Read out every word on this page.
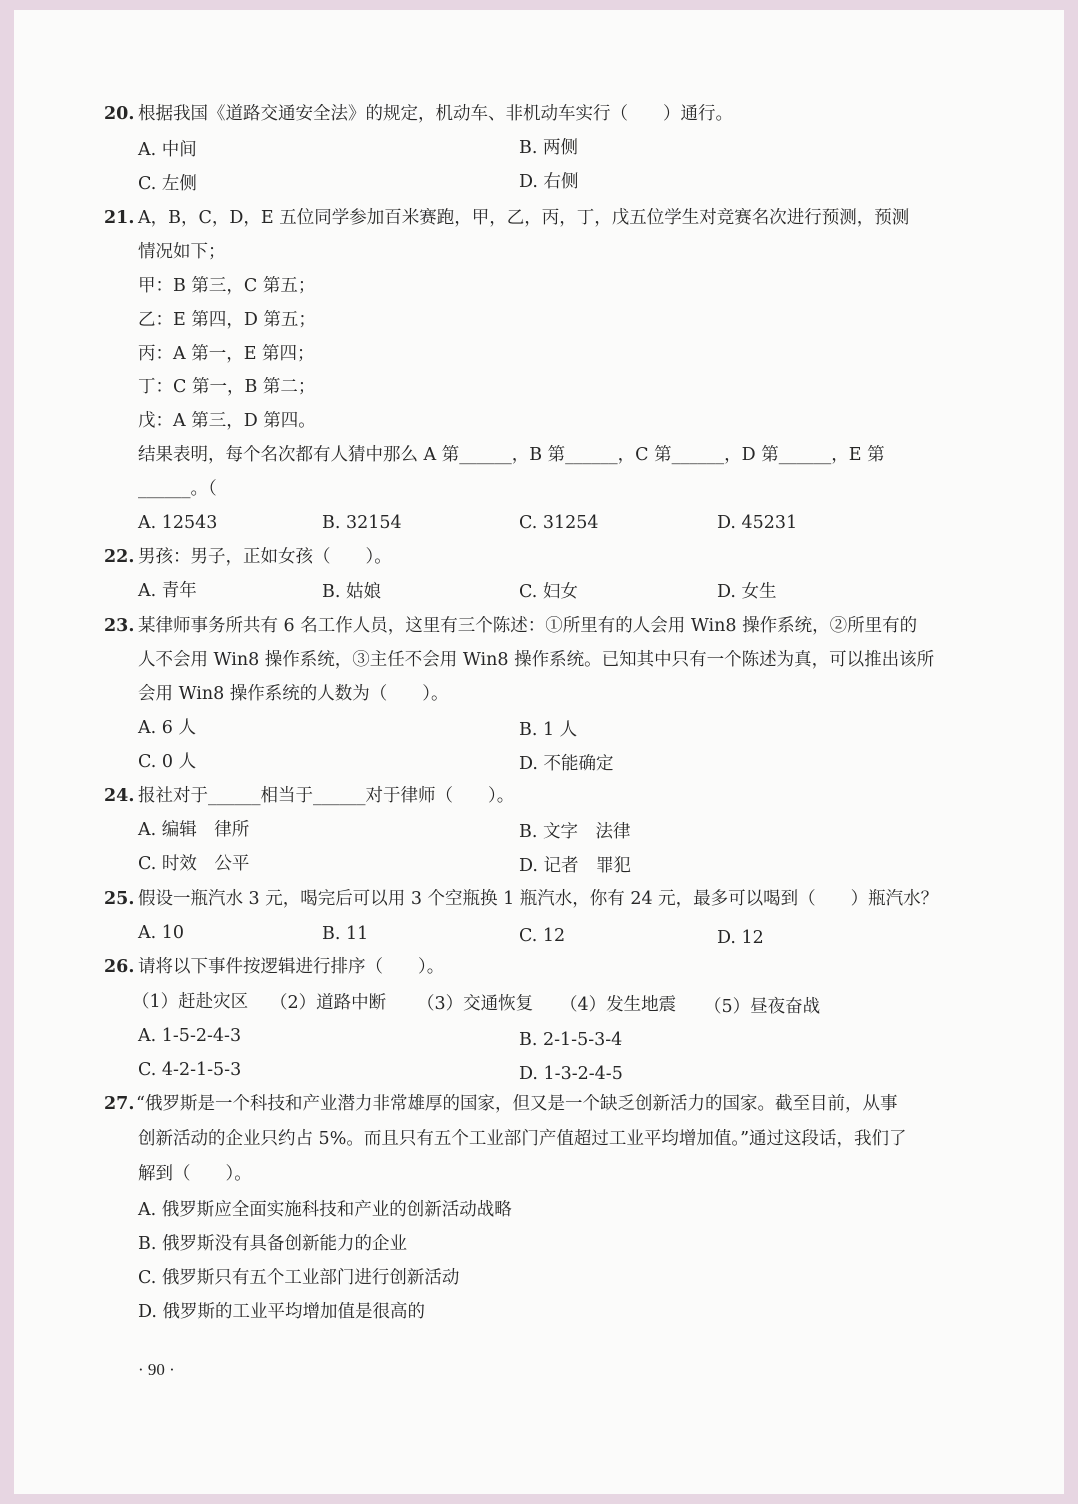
20. 根据我国《道路交通安全法》的规定，机动车、非机动车实行（　　）通行。
A. 中间	B. 两侧
C. 左侧	D. 右侧
21. A，B，C，D，E 五位同学参加百米赛跑，甲，乙，丙，丁，戊五位学生对竞赛名次进行预测，预测
情况如下；
甲：B 第三，C 第五；
乙：E 第四，D 第五；
丙：A 第一，E 第四；
丁：C 第一，B 第二；
戊：A 第三，D 第四。
结果表明，每个名次都有人猜中那么 A 第______，B 第______，C 第______，D 第______，E 第
______。（
A. 12543	B. 32154	C. 31254	D. 45231
22. 男孩：男子，正如女孩（　　）。
A. 青年	B. 姑娘	C. 妇女	D. 女生
23. 某律师事务所共有 6 名工作人员，这里有三个陈述：①所里有的人会用 Win8 操作系统，②所里有的
人不会用 Win8 操作系统，③主任不会用 Win8 操作系统。已知其中只有一个陈述为真，可以推出该所
会用 Win8 操作系统的人数为（　　）。
A. 6 人	B. 1 人
C. 0 人	D. 不能确定
24. 报社对于______相当于______对于律师（　　）。
A. 编辑　律所	B. 文字　法律
C. 时效　公平	D. 记者　罪犯
25. 假设一瓶汽水 3 元，喝完后可以用 3 个空瓶换 1 瓶汽水，你有 24 元，最多可以喝到（　　）瓶汽水？
A. 10	B. 11	C. 12	D. 12
26. 请将以下事件按逻辑进行排序（　　）。
（1）赶赴灾区 （2）道路中断 （3）交通恢复 （4）发生地震 （5）昼夜奋战
A. 1-5-2-4-3	B. 2-1-5-3-4
C. 4-2-1-5-3	D. 1-3-2-4-5
27. “俄罗斯是一个科技和产业潜力非常雄厚的国家，但又是一个缺乏创新活力的国家。截至目前，从事
创新活动的企业只约占 5%。而且只有五个工业部门产值超过工业平均增加值。”通过这段话，我们了
解到（　　）。
A. 俄罗斯应全面实施科技和产业的创新活动战略
B. 俄罗斯没有具备创新能力的企业
C. 俄罗斯只有五个工业部门进行创新活动
D. 俄罗斯的工业平均增加值是很高的
· 90 ·
